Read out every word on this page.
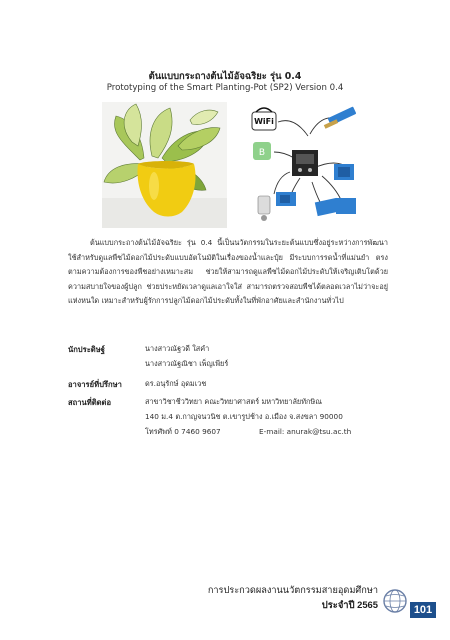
ต้นแบบกระถางต้นไม้อัจฉริยะ รุ่น 0.4
Prototyping of the Smart Planting-Pot (SP2) Version 0.4
WiFi
B
ต้นแบบกระถางต้นไม้อัจฉริยะ รุ่น 0.4 นี้เป็นนวัตกรรมในระยะต้นแบบซึ่งอยู่ระหว่างการพัฒนา ใช้สำหรับดูแลพืชไม้ดอกไม้ประดับแบบอัตโนมัติในเรื่องของน้ำและปุ๋ย มีระบบการรดน้ำที่แม่นยำ ตรงตามความต้องการของพืชอย่างเหมาะสม ช่วยให้สามารถดูแลพืชไม้ดอกไม้ประดับให้เจริญเติบโตด้วยความสบายใจของผู้ปลูก ช่วยประหยัดเวลาดูแลเอาใจใส่ สามารถตรวจสอบพืชได้ตลอดเวลาไม่ว่าจะอยู่แห่งหนใด เหมาะสำหรับผู้รักการปลูกไม้ดอกไม้ประดับทั้งในที่พักอาศัยและสำนักงานทั่วไป
นักประดิษฐ์	นางสาวณัฐวดี ใสคำ
นางสาวณัฐณิชา เพ็ญเพียร์
อาจารย์ที่ปรึกษา	ดร.อนุรักษ์ อุดมเวช
สถานที่ติดต่อ	สาขาวิชาชีววิทยา คณะวิทยาศาสตร์ มหาวิทยาลัยทักษิณ
140 ม.4 ต.กาญจนวนิช ต.เขารูปช้าง อ.เมือง จ.สงขลา 90000
โทรศัพท์ 0 7460 9607	E-mail: anurak@tsu.ac.th
การประกวดผลงานนวัตกรรมสายอุดมศึกษา
ประจำปี 2565	101
